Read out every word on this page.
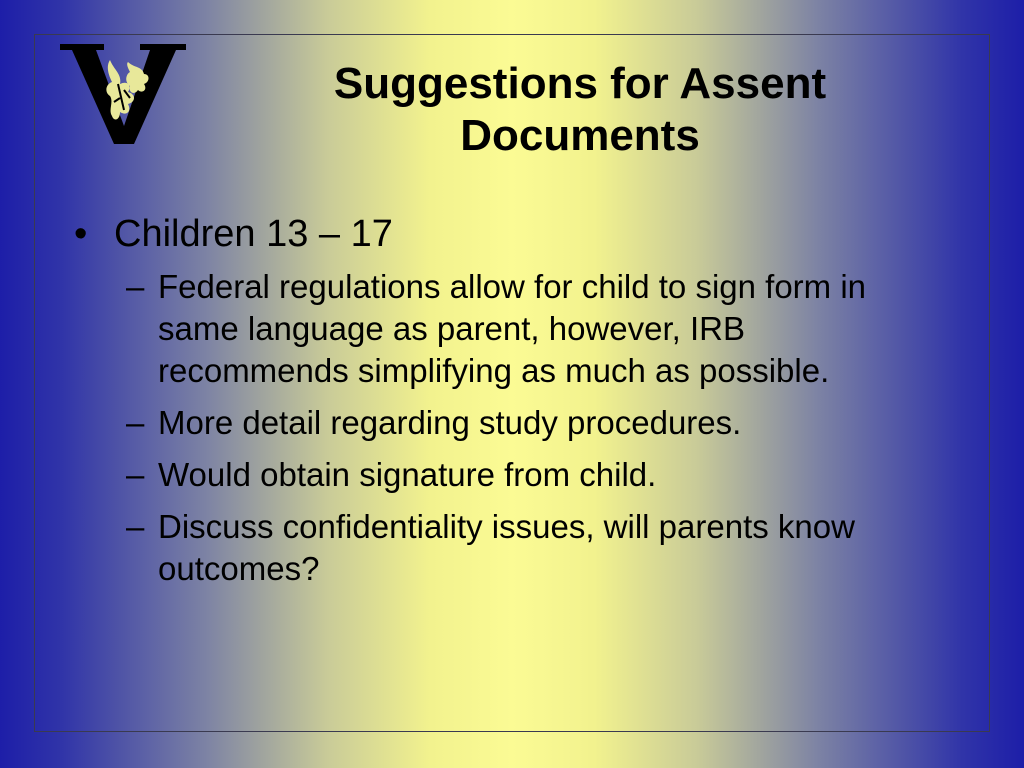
Suggestions for Assent
Documents
• Children 13 – 17
– Federal regulations allow for child to sign form in same language as parent, however, IRB recommends simplifying as much as possible.
– More detail regarding study procedures.
– Would obtain signature from child.
– Discuss confidentiality issues, will parents know outcomes?
